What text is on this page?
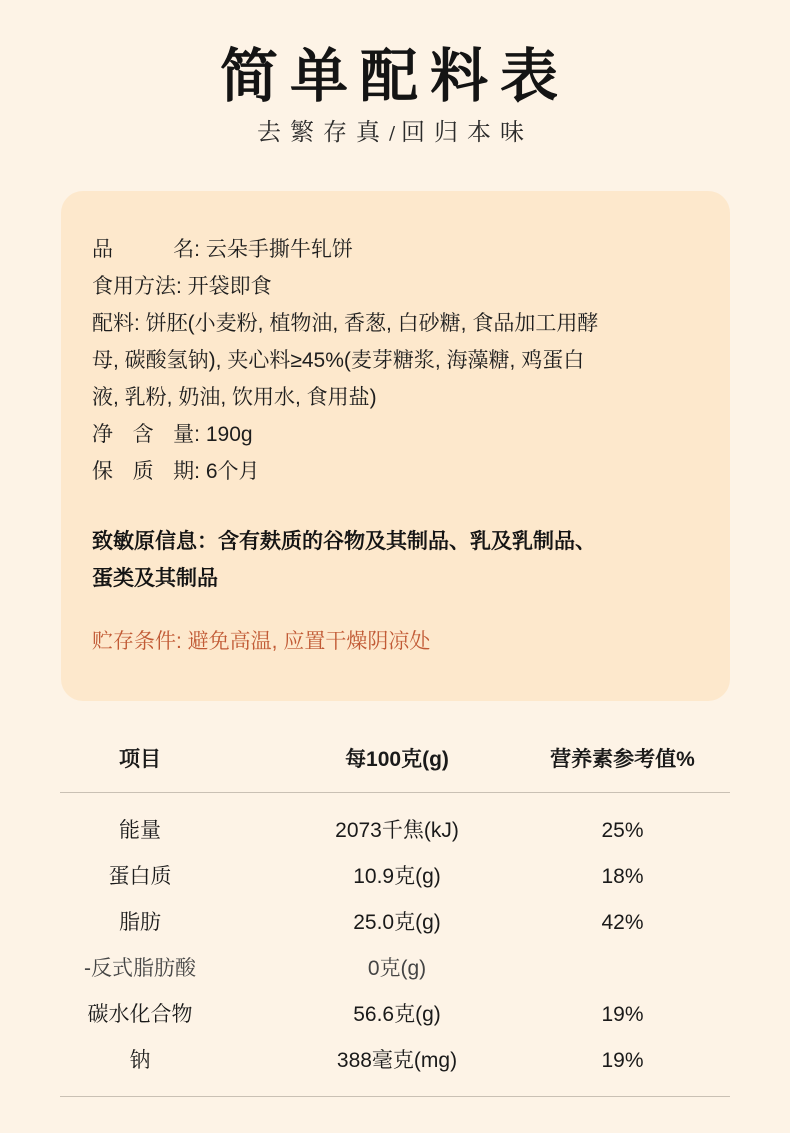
简单配料表
去繁存真/ 回归本味
品	名: 云朵手撕牛轧饼
食用方法: 开袋即食
配料: 饼胚(小麦粉, 植物油, 香葱, 白砂糖, 食品加工用酵
母, 碳酸氢钠), 夹心料≥45%(麦芽糖浆, 海藻糖, 鸡蛋白
液, 乳粉, 奶油, 饮用水, 食用盐)
净 含 量: 190g
保 质 期: 6个月
致敏原信息：含有麸质的谷物及其制品、乳及乳制品、
蛋类及其制品
贮存条件: 避免高温, 应置干燥阴凉处
项目	每100克(g)	营养素参考值%
能量	2073千焦(kJ)	25%
蛋白质	10.9克(g)	18%
脂肪	25.0克(g)	42%
-反式脂肪酸	0克(g)
碳水化合物	56.6克(g)	19%
钠	388毫克(mg)	19%
